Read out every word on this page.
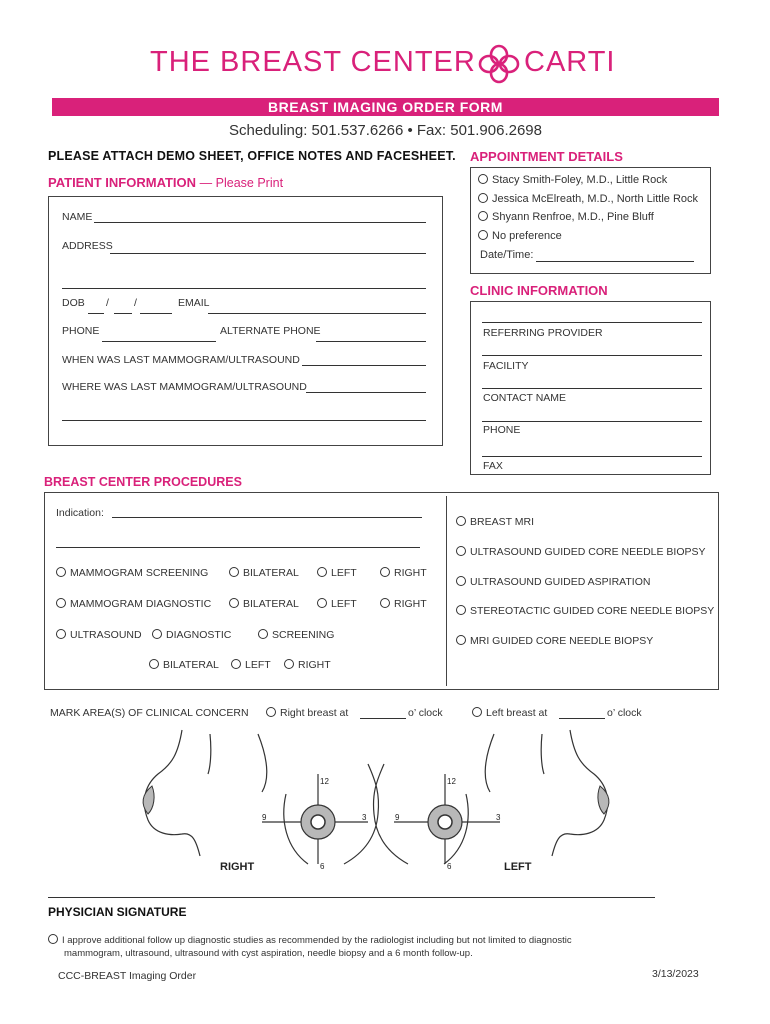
THE BREAST CENTER CARTI
BREAST IMAGING ORDER FORM
Scheduling: 501.537.6266 • Fax: 501.906.2698
PLEASE ATTACH DEMO SHEET, OFFICE NOTES AND FACESHEET.
PATIENT INFORMATION — Please Print
NAME
ADDRESS
DOB / /	EMAIL
PHONE	ALTERNATE PHONE
WHEN WAS LAST MAMMOGRAM/ULTRASOUND
WHERE WAS LAST MAMMOGRAM/ULTRASOUND
APPOINTMENT DETAILS
Stacy Smith-Foley, M.D., Little Rock
Jessica McElreath, M.D., North Little Rock
Shyann Renfroe, M.D., Pine Bluff
No preference
Date/Time:
CLINIC INFORMATION
REFERRING PROVIDER
FACILITY
CONTACT NAME
PHONE
FAX
BREAST CENTER PROCEDURES
Indication:
MAMMOGRAM SCREENING	BILATERAL	LEFT	RIGHT
MAMMOGRAM DIAGNOSTIC	BILATERAL	LEFT	RIGHT
ULTRASOUND	DIAGNOSTIC	SCREENING
BILATERAL	LEFT	RIGHT
BREAST MRI
ULTRASOUND GUIDED CORE NEEDLE BIOPSY
ULTRASOUND GUIDED ASPIRATION
STEREOTACTIC GUIDED CORE NEEDLE BIOPSY
MRI GUIDED CORE NEEDLE BIOPSY
MARK AREA(S) OF CLINICAL CONCERN	Right breast at	o’ clock	Left breast at	o’ clock
12
9	3
6
12
9	3
6
RIGHT	LEFT
PHYSICIAN SIGNATURE
I approve additional follow up diagnostic studies as recommended by the radiologist including but not limited to diagnostic
mammogram, ultrasound, ultrasound with cyst aspiration, needle biopsy and a 6 month follow-up.
CCC-BREAST Imaging Order	3/13/2023
